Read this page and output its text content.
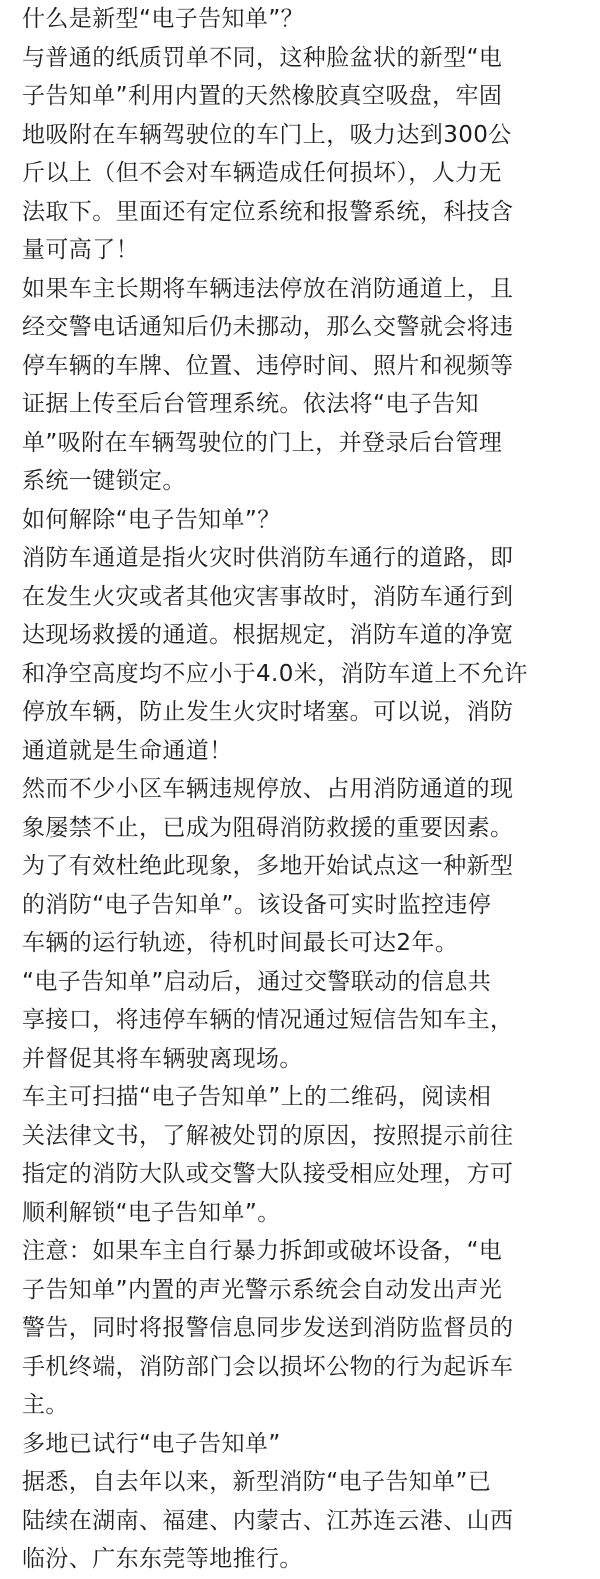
什么是新型“电子告知单”？
与普通的纸质罚单不同，这种脸盆状的新型“电
子告知单”利用内置的天然橡胶真空吸盘，牢固
地吸附在车辆驾驶位的车门上，吸力达到300公
斤以上（但不会对车辆造成任何损坏），人力无
法取下。里面还有定位系统和报警系统，科技含
量可高了！
如果车主长期将车辆违法停放在消防通道上，且
经交警电话通知后仍未挪动，那么交警就会将违
停车辆的车牌、位置、违停时间、照片和视频等
证据上传至后台管理系统。依法将“电子告知
单”吸附在车辆驾驶位的门上，并登录后台管理
系统一键锁定。
如何解除“电子告知单”？
消防车通道是指火灾时供消防车通行的道路，即
在发生火灾或者其他灾害事故时，消防车通行到
达现场救援的通道。根据规定，消防车道的净宽
和净空高度均不应小于4.0米，消防车道上不允许
停放车辆，防止发生火灾时堵塞。可以说，消防
通道就是生命通道！
然而不少小区车辆违规停放、占用消防通道的现
象屡禁不止，已成为阻碍消防救援的重要因素。
为了有效杜绝此现象，多地开始试点这一种新型
的消防“电子告知单”。该设备可实时监控违停
车辆的运行轨迹，待机时间最长可达2年。
“电子告知单”启动后，通过交警联动的信息共
享接口，将违停车辆的情况通过短信告知车主，
并督促其将车辆驶离现场。
车主可扫描“电子告知单”上的二维码，阅读相
关法律文书，了解被处罚的原因，按照提示前往
指定的消防大队或交警大队接受相应处理，方可
顺利解锁“电子告知单”。
注意：如果车主自行暴力拆卸或破坏设备，“电
子告知单”内置的声光警示系统会自动发出声光
警告，同时将报警信息同步发送到消防监督员的
手机终端，消防部门会以损坏公物的行为起诉车
主。
多地已试行“电子告知单”
据悉，自去年以来，新型消防“电子告知单”已
陆续在湖南、福建、内蒙古、江苏连云港、山西
临汾、广东东莞等地推行。
